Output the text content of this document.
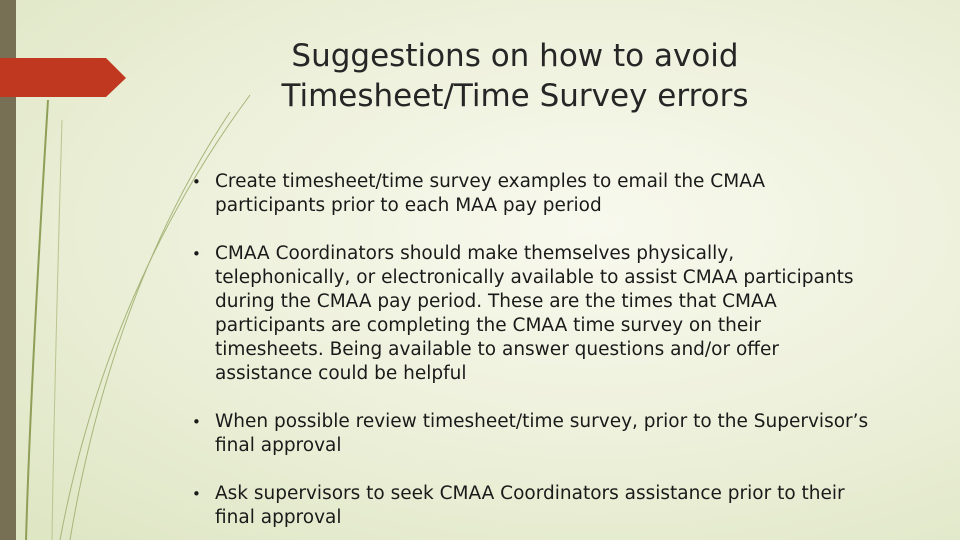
Suggestions on how to avoid
Timesheet/Time Survey errors
• Create timesheet/time survey examples to email the CMAA participants prior to each MAA pay period
• CMAA Coordinators should make themselves physically, telephonically, or electronically available to assist CMAA participants during the CMAA pay period. These are the times that CMAA participants are completing the CMAA time survey on their timesheets. Being available to answer questions and/or offer assistance could be helpful
• When possible review timesheet/time survey, prior to the Supervisor’s final approval
• Ask supervisors to seek CMAA Coordinators assistance prior to their final approval
